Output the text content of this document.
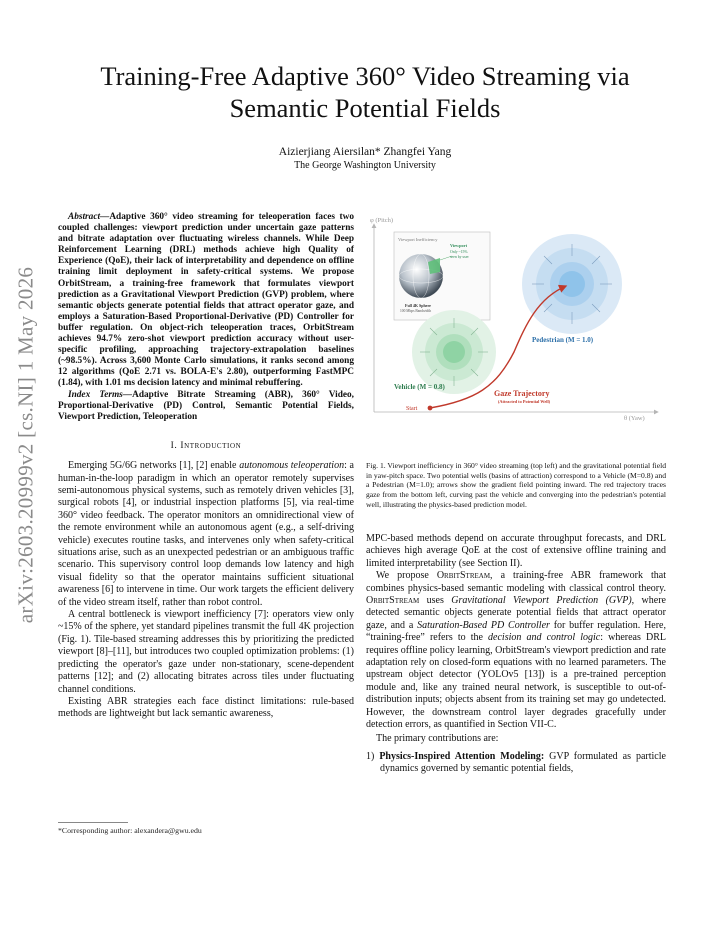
arXiv:2603.20999v2 [cs.NI] 1 May 2026
Training-Free Adaptive 360° Video Streaming via
Semantic Potential Fields
Aizierjiang Aiersilan* Zhangfei Yang
The George Washington University

Abstract—Adaptive 360° video streaming for teleoperation faces two coupled challenges: viewport prediction under uncertain gaze patterns and bitrate adaptation over fluctuating wireless channels. While Deep Reinforcement Learning (DRL) methods achieve high Quality of Experience (QoE), their lack of interpretability and dependence on offline training limit deployment in safety-critical systems. We propose OrbitStream, a training-free framework that formulates viewport prediction as a Gravitational Viewport Prediction (GVP) problem, where semantic objects generate potential fields that attract operator gaze, and employs a Saturation-Based Proportional-Derivative (PD) Controller for buffer regulation. On object-rich teleoperation traces, OrbitStream achieves 94.7% zero-shot viewport prediction accuracy without user-specific profiling, approaching trajectory-extrapolation baselines (~98.5%). Across 3,600 Monte Carlo simulations, it ranks second among 12 algorithms (QoE 2.71 vs. BOLA-E's 2.80), outperforming FastMPC (1.84), with 1.01 ms decision latency and minimal rebuffering.

Index Terms—Adaptive Bitrate Streaming (ABR), 360° Video, Proportional-Derivative (PD) Control, Semantic Potential Fields, Viewport Prediction, Teleoperation

I. Introduction

Emerging 5G/6G networks [1], [2] enable autonomous teleoperation: a human-in-the-loop paradigm in which an operator remotely supervises semi-autonomous physical systems, such as remotely driven vehicles [3], surgical robots [4], or industrial inspection platforms [5], via real-time 360° video feedback. The operator monitors an omnidirectional view of the remote environment while an autonomous agent (e.g., a self-driving vehicle) executes routine tasks, and intervenes only when safety-critical situations arise, such as an unexpected pedestrian or an ambiguous traffic scenario. This supervisory control loop demands low latency and high visual fidelity so that the operator maintains sufficient situational awareness [6] to intervene in time. Our work targets the efficient delivery of the video stream itself, rather than robot control.

A central bottleneck is viewport inefficiency [7]: operators view only ~15% of the sphere, yet standard pipelines transmit the full 4K projection (Fig. 1). Tile-based streaming addresses this by prioritizing the predicted viewport [8]–[11], but introduces two coupled optimization problems: (1) predicting the operator's gaze under non-stationary, scene-dependent patterns [12]; and (2) allocating bitrates across tiles under fluctuating channel conditions.

Existing ABR strategies each face distinct limitations: rule-based methods are lightweight but lack semantic awareness,

*Corresponding author: alexandera@gwu.edu
φ (Pitch)
θ (Yaw)
Viewport Inefficiency
Viewport
Only ~15%
seen by user
Full 4K Sphere
100 Mbps Bandwidth
Pedestrian (M = 1.0)
Vehicle (M = 0.8)
Start
Gaze Trajectory
(Attracted to Potential Well)
Fig. 1. Viewport inefficiency in 360° video streaming (top left) and the gravitational potential field in yaw-pitch space. Two potential wells (basins of attraction) correspond to a Vehicle (M=0.8) and a Pedestrian (M=1.0); arrows show the gradient field pointing inward. The red trajectory traces gaze from the bottom left, curving past the vehicle and converging into the pedestrian's potential well, illustrating the physics-based prediction model.

MPC-based methods depend on accurate throughput forecasts, and DRL achieves high average QoE at the cost of extensive offline training and limited interpretability (see Section II).

We propose OrbitStream, a training-free ABR framework that combines physics-based semantic modeling with classical control theory. OrbitStream uses Gravitational Viewport Prediction (GVP), where detected semantic objects generate potential fields that attract operator gaze, and a Saturation-Based PD Controller for buffer regulation. Here, “training-free” refers to the decision and control logic: whereas DRL requires offline policy learning, OrbitStream's viewport prediction and rate adaptation rely on closed-form equations with no learned parameters. The upstream object detector (YOLOv5 [13]) is a pre-trained perception module and, like any trained neural network, is susceptible to out-of-distribution inputs; objects absent from its training set may go undetected. However, the downstream control layer degrades gracefully under detection errors, as quantified in Section VII-C.

The primary contributions are:

1) Physics-Inspired Attention Modeling: GVP formulated as particle dynamics governed by semantic potential fields,
